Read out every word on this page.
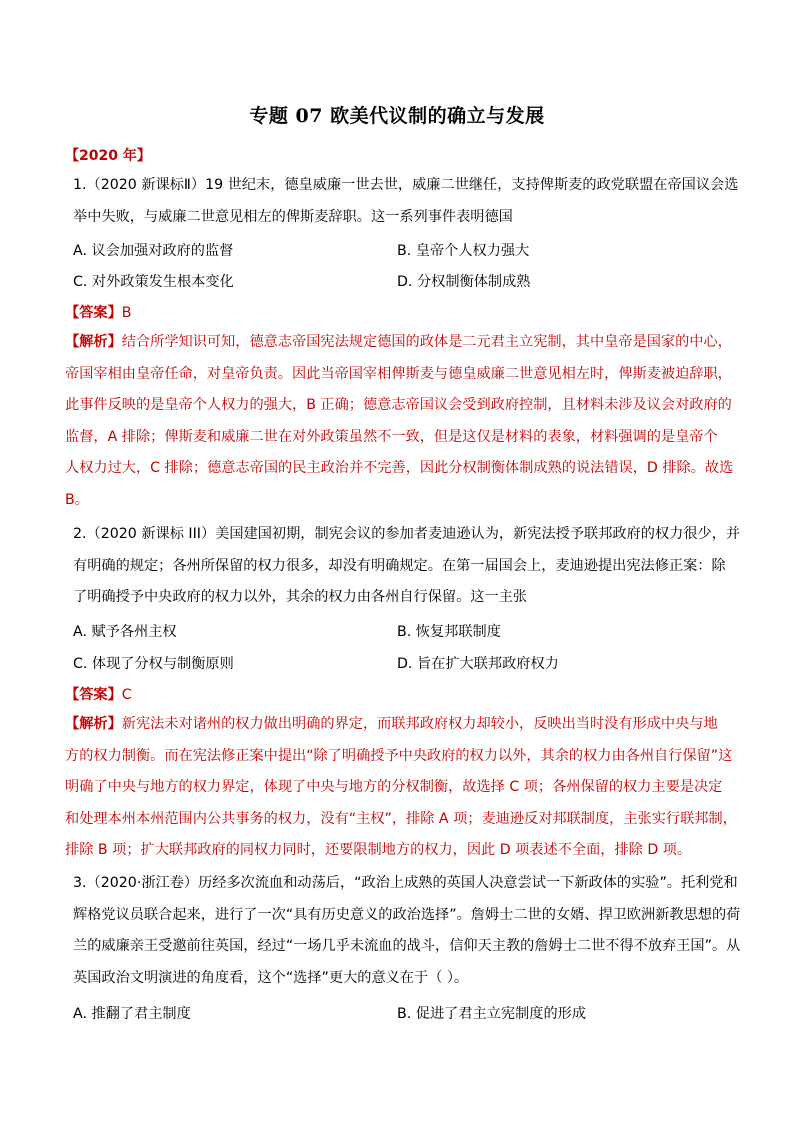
专题 07 欧美代议制的确立与发展
【2020 年】
1.（2020 新课标Ⅱ）19 世纪末，德皇威廉一世去世，威廉二世继任，支持俾斯麦的政党联盟在帝国议会选
举中失败，与威廉二世意见相左的俾斯麦辞职。这一系列事件表明德国
A. 议会加强对政府的监督	B. 皇帝个人权力强大
C. 对外政策发生根本变化	D. 分权制衡体制成熟
【答案】B
【解析】结合所学知识可知，德意志帝国宪法规定德国的政体是二元君主立宪制，其中皇帝是国家的中心，
帝国宰相由皇帝任命，对皇帝负责。因此当帝国宰相俾斯麦与德皇威廉二世意见相左时，俾斯麦被迫辞职，
此事件反映的是皇帝个人权力的强大，B 正确；德意志帝国议会受到政府控制，且材料未涉及议会对政府的
监督，A 排除；俾斯麦和威廉二世在对外政策虽然不一致，但是这仅是材料的表象，材料强调的是皇帝个
人权力过大，C 排除；德意志帝国的民主政治并不完善，因此分权制衡体制成熟的说法错误，D 排除。故选
B。
2.（2020 新课标 III）美国建国初期，制宪会议的参加者麦迪逊认为，新宪法授予联邦政府的权力很少，并
有明确的规定；各州所保留的权力很多，却没有明确规定。在第一届国会上，麦迪逊提出宪法修正案：除
了明确授予中央政府的权力以外，其余的权力由各州自行保留。这一主张
A. 赋予各州主权	B. 恢复邦联制度
C. 体现了分权与制衡原则	D. 旨在扩大联邦政府权力
【答案】C
【解析】新宪法未对诸州的权力做出明确的界定，而联邦政府权力却较小，反映出当时没有形成中央与地
方的权力制衡。而在宪法修正案中提出“除了明确授予中央政府的权力以外，其余的权力由各州自行保留”这
明确了中央与地方的权力界定，体现了中央与地方的分权制衡，故选择 C 项；各州保留的权力主要是决定
和处理本州本州范围内公共事务的权力，没有“主权”，排除 A 项；麦迪逊反对邦联制度，主张实行联邦制，
排除 B 项；扩大联邦政府的同权力同时，还要限制地方的权力，因此 D 项表述不全面，排除 D 项。
3.（2020·浙江卷）历经多次流血和动荡后，“政治上成熟的英国人决意尝试一下新政体的实验”。托利党和
辉格党议员联合起来，进行了一次“具有历史意义的政治选择”。詹姆士二世的女婿、捍卫欧洲新教思想的荷
兰的威廉亲王受邀前往英国，经过“一场几乎未流血的战斗，信仰天主教的詹姆士二世不得不放弃王国”。从
英国政治文明演进的角度看，这个“选择”更大的意义在于（ ）。
A. 推翻了君主制度	B. 促进了君主立宪制度的形成
